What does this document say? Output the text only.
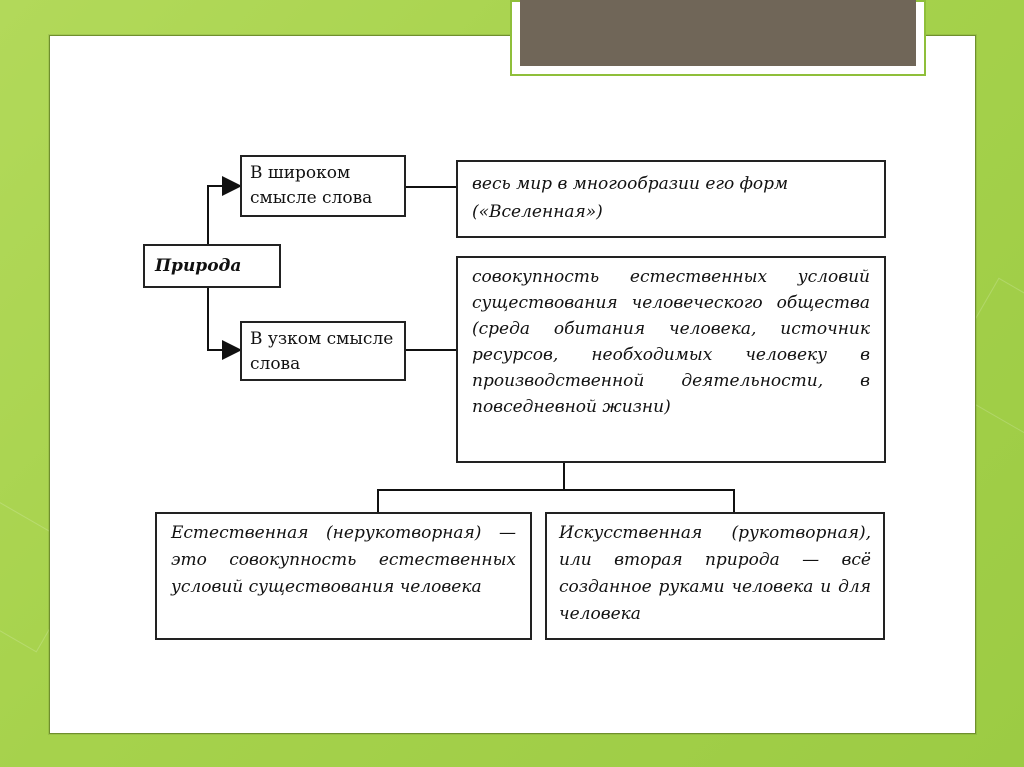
Природа
В широком смысле слова
весь мир в многообразии его форм («Вселенная»)
В узком смысле слова
совокупность естественных условий существования человеческого общества (среда обитания человека, источник ресурсов, необходимых человеку в производственной деятельности, в повседневной жизни)
Естественная (нерукотворная) — это совокупность естественных условий существования человека
Искусственная (рукотворная), или вторая природа — всё созданное руками человека и для человека
